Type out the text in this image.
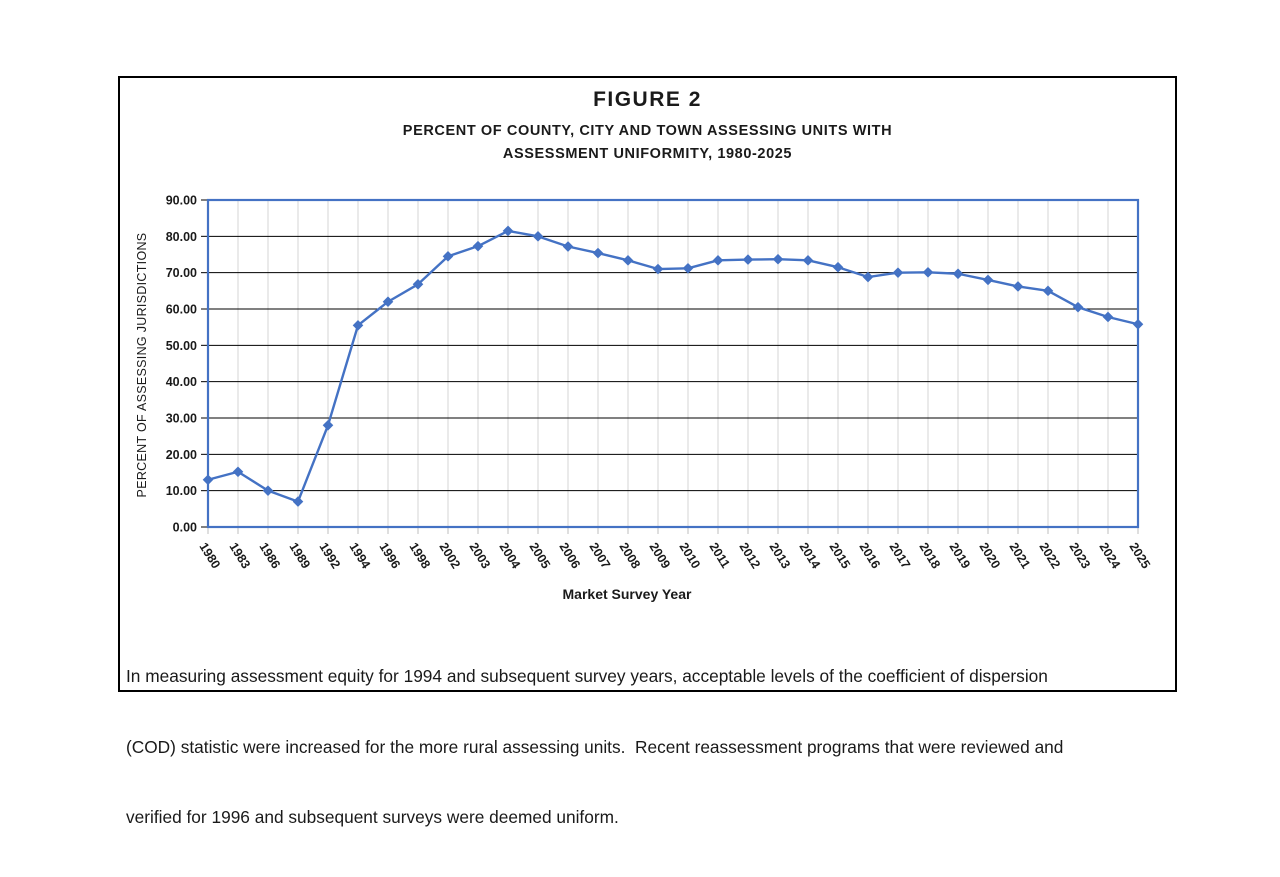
FIGURE 2
PERCENT OF COUNTY, CITY AND TOWN ASSESSING UNITS WITH
ASSESSMENT UNIFORMITY, 1980-2025
PERCENT OF ASSESSING JURISDICTIONS
0.00
10.00
20.00
30.00
40.00
50.00
60.00
70.00
80.00
90.00
1980 1983 1986 1989 1992 1994 1996 1998 2002 2003 2004 2005 2006 2007 2008 2009 2010 2011 2012 2013 2014 2015 2016 2017 2018 2019 2020 2021 2022 2023 2024 2025
Market Survey Year

In measuring assessment equity for 1994 and subsequent survey years, acceptable levels of the coefficient of dispersion

(COD) statistic were increased for the more rural assessing units.  Recent reassessment programs that were reviewed and

verified for 1996 and subsequent surveys were deemed uniform.
